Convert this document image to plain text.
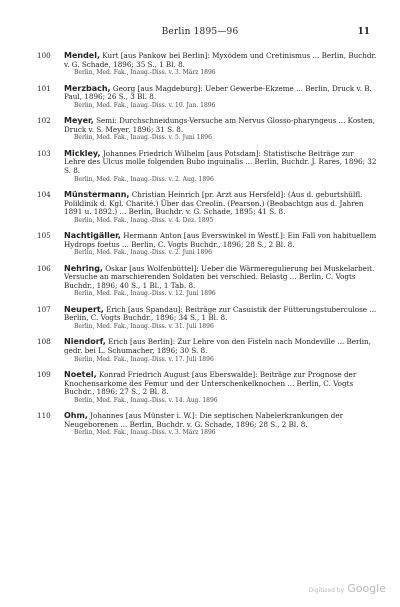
Berlin 1895—96	11
100 Mendel, Kurt [aus Pankow bei Berlin]: Myxödem und Cretinismus ... Berlin, Buchdr. v. G. Schade, 1896; 35 S., 1 Bl. 8.
Berlin, Med. Fak., Inaug.-Diss. v. 3. März 1896
101 Merzbach, Georg [aus Magdeburg]: Ueber Gewerbe-Ekzeme ... Berlin, Druck v. B. Paul, 1896; 26 S., 3 Bl. 8.
Berlin, Med. Fak., Inaug.-Diss. v. 10. Jan. 1896
102 Meyer, Semi: Durchschneidungs-Versuche am Nervus Glosso-pharyngeus ... Kosten, Druck v. S. Meyer, 1896; 31 S. 8.
Berlin, Med. Fak., Inaug.-Diss. v. 5. Juni 1896
103 Mickley, Johannes Friedrich Wilhelm [aus Potsdam]: Statistische Beiträge zur Lehre des Ulcus molle folgenden Bubo inguinalis ... Berlin, Buchdr. J. Rares, 1896; 32 S. 8.
Berlin, Med. Fak., Inaug.-Diss. v. 2. Aug. 1896
104 Münstermann, Christian Heinrich [pr. Arzt aus Hersfeld]: (Aus d. geburtshülfl. Poliklinik d. Kgl. Charité.) Über das Creolin. (Pearson.) (Beobachtgn aus d. Jahren 1891 u. 1892.) ... Berlin, Buchdr. v. G. Schade, 1895; 41 S. 8.
Berlin, Med. Fak., Inaug.-Diss. v. 4. Dez. 1895
105 Nachtigäller, Hermann Anton [aus Everswinkel in Westf.]: Ein Fall von habituellem Hydrops foetus ... Berlin, C. Vogts Buchdr., 1896; 28 S., 2 Bl. 8.
Berlin, Med. Fak., Inaug.-Diss. v. 2. Juni 1896
106 Nehring, Oskar [aus Wolfenbüttel]: Ueber die Wärmeregulierung bei Muskelarbeit. Versuche an marschierenden Soldaten bei verschied. Belastg ... Berlin, C. Vogts Buchdr., 1896; 40 S., 1 Bl., 1 Tab. 8.
Berlin, Med. Fak., Inaug.-Diss. v. 12. Juni 1896
107 Neupert, Erich [aus Spandau]: Beiträge zur Casuistik der Fütterungstuberculose ... Berlin, C. Vogts Buchdr., 1896; 34 S., 1 Bl. 8.
Berlin, Med. Fak., Inaug.-Diss. v. 31. Juli 1896
108 Niendorf, Erich [aus Berlin]: Zur Lehre von den Fisteln nach Mondeville ... Berlin, gedr. bei L. Schumacher, 1896; 30 S. 8.
Berlin, Med. Fak., Inaug.-Diss. v. 17. Juli 1896
109 Noetel, Konrad Friedrich August [aus Eberswalde]: Beiträge zur Prognose der Knochensarkome des Femur und der Unterschenkelknochen ... Berlin, C. Vogts Buchdr., 1896; 27 S., 2 Bl. 8.
Berlin, Med. Fak., Inaug.-Diss. v. 14. Aug. 1896
110 Ohm, Johannes [aus Münster i. W.]: Die septischen Nabelerkrankungen der Neugeborenen ... Berlin, Buchdr. v. G. Schade, 1896; 28 S., 2 Bl. 8.
Berlin, Med. Fak., Inaug.-Diss. v. 3. März 1896
Digitized by Google
